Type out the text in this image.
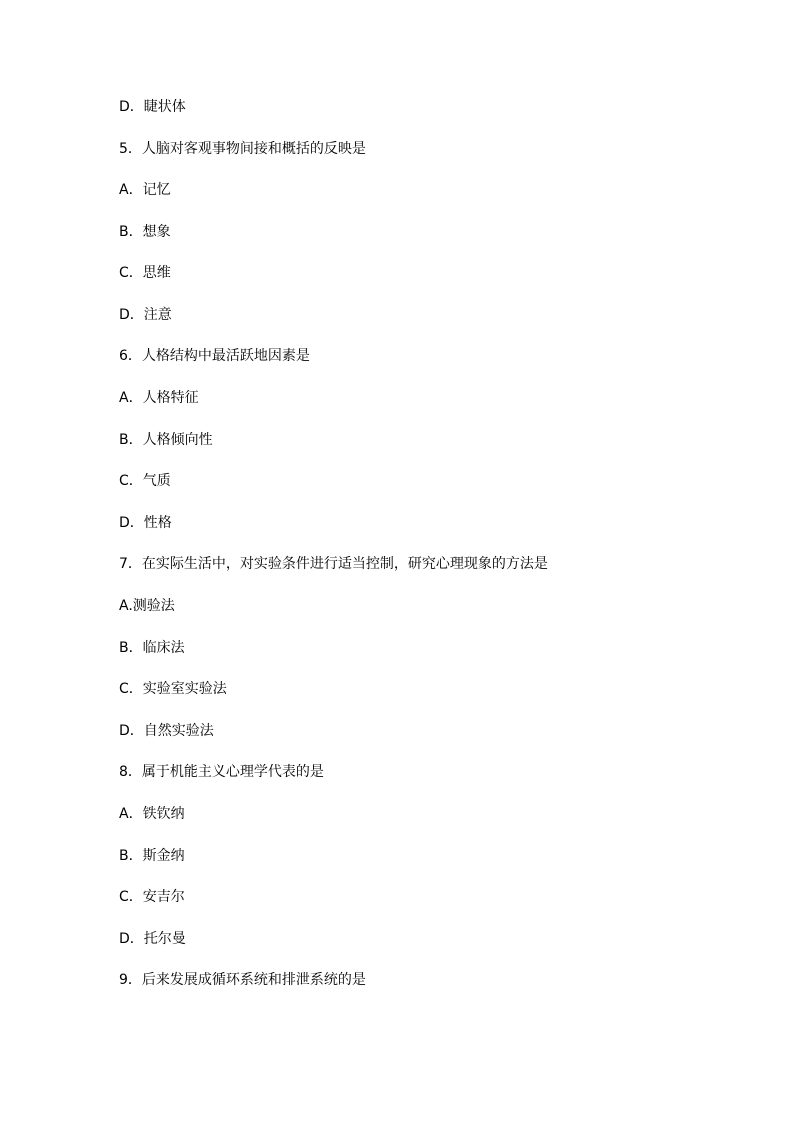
D．睫状体
5．人脑对客观事物间接和概括的反映是
A．记忆
B．想象
C．思维
D．注意
6．人格结构中最活跃地因素是
A．人格特征
B．人格倾向性
C．气质
D．性格
7．在实际生活中，对实验条件进行适当控制，研究心理现象的方法是
A.测验法
B．临床法
C．实验室实验法
D．自然实验法
8．属于机能主义心理学代表的是
A．铁钦纳
B．斯金纳
C．安吉尔
D．托尔曼
9．后来发展成循环系统和排泄系统的是
